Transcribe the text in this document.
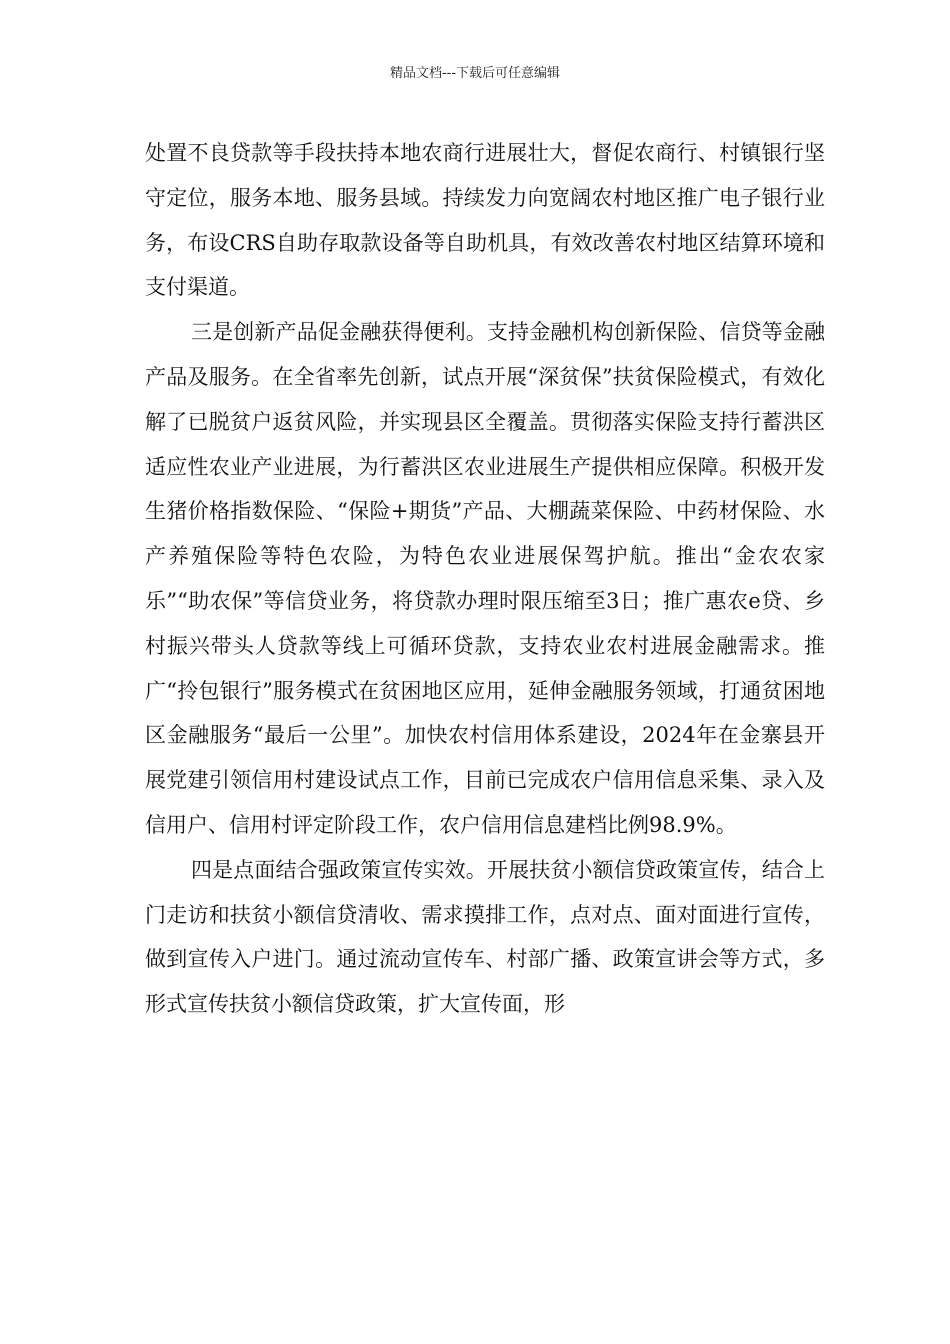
精品文档---下载后可任意编辑

处置不良贷款等手段扶持本地农商行进展壮大，督促农商行、村镇银行坚守定位，服务本地、服务县域。持续发力向宽阔农村地区推广电子银行业务，布设CRS自助存取款设备等自助机具，有效改善农村地区结算环境和支付渠道。

三是创新产品促金融获得便利。支持金融机构创新保险、信贷等金融产品及服务。在全省率先创新，试点开展“深贫保”扶贫保险模式，有效化解了已脱贫户返贫风险，并实现县区全覆盖。贯彻落实保险支持行蓄洪区适应性农业产业进展，为行蓄洪区农业进展生产提供相应保障。积极开发生猪价格指数保险、“保险+期货”产品、大棚蔬菜保险、中药材保险、水产养殖保险等特色农险，为特色农业进展保驾护航。推出“金农农家乐”“助农保”等信贷业务，将贷款办理时限压缩至3日；推广惠农e贷、乡村振兴带头人贷款等线上可循环贷款，支持农业农村进展金融需求。推广“拎包银行”服务模式在贫困地区应用，延伸金融服务领域，打通贫困地区金融服务“最后一公里”。加快农村信用体系建设，2024年在金寨县开展党建引领信用村建设试点工作，目前已完成农户信用信息采集、录入及信用户、信用村评定阶段工作，农户信用信息建档比例98.9%。

四是点面结合强政策宣传实效。开展扶贫小额信贷政策宣传，结合上门走访和扶贫小额信贷清收、需求摸排工作，点对点、面对面进行宣传，做到宣传入户进门。通过流动宣传车、村部广播、政策宣讲会等方式，多形式宣传扶贫小额信贷政策，扩大宣传面，形
